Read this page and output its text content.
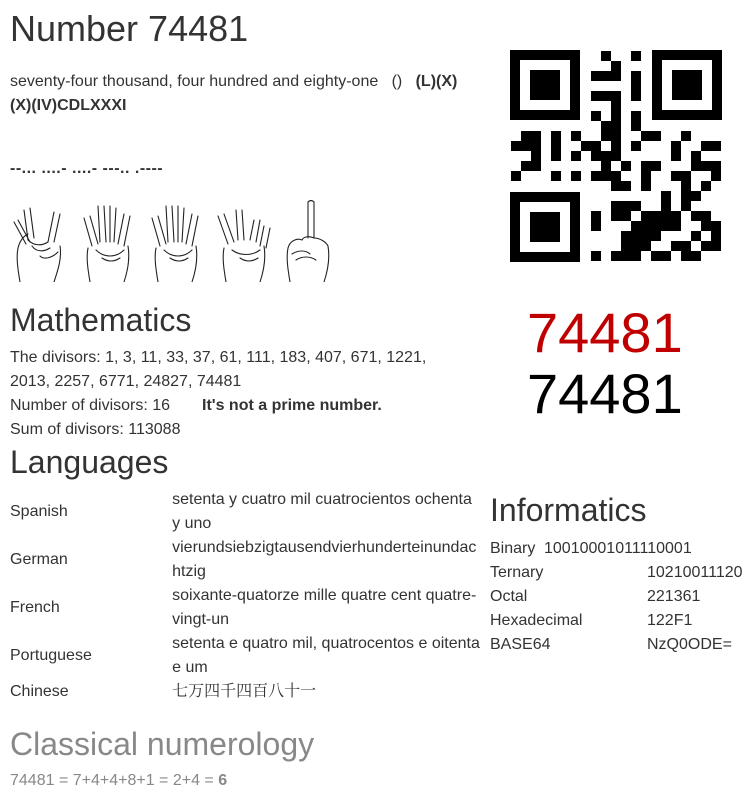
Number 74481
seventy-four thousand, four hundred and eighty-one () (L)(X)(X)(IV)CDLXXXI
--... ....- ....- ---.. .----
74481
74481
Mathematics
The divisors: 1, 3, 11, 33, 37, 61, 111, 183, 407, 671, 1221,
2013, 2257, 6771, 24827, 74481
Number of divisors: 16 It's not a prime number.
Sum of divisors: 113088
Languages
Spanish	setenta y cuatro mil cuatrocientos ochenta y uno
German	vierundsiebzigtausendvierhunderteinundachtzig
French	soixante-quatorze mille quatre cent quatre-vingt-un
Portuguese	setenta e quatro mil, quatrocentos e oitenta e um
Chinese	七万四千四百八十一
Informatics
Binary 10010001011110001
Ternary	10210011120
Octal	221361
Hexadecimal	122F1
BASE64	NzQ0ODE=
Classical numerology
74481 = 7+4+4+8+1 = 2+4 = 6
